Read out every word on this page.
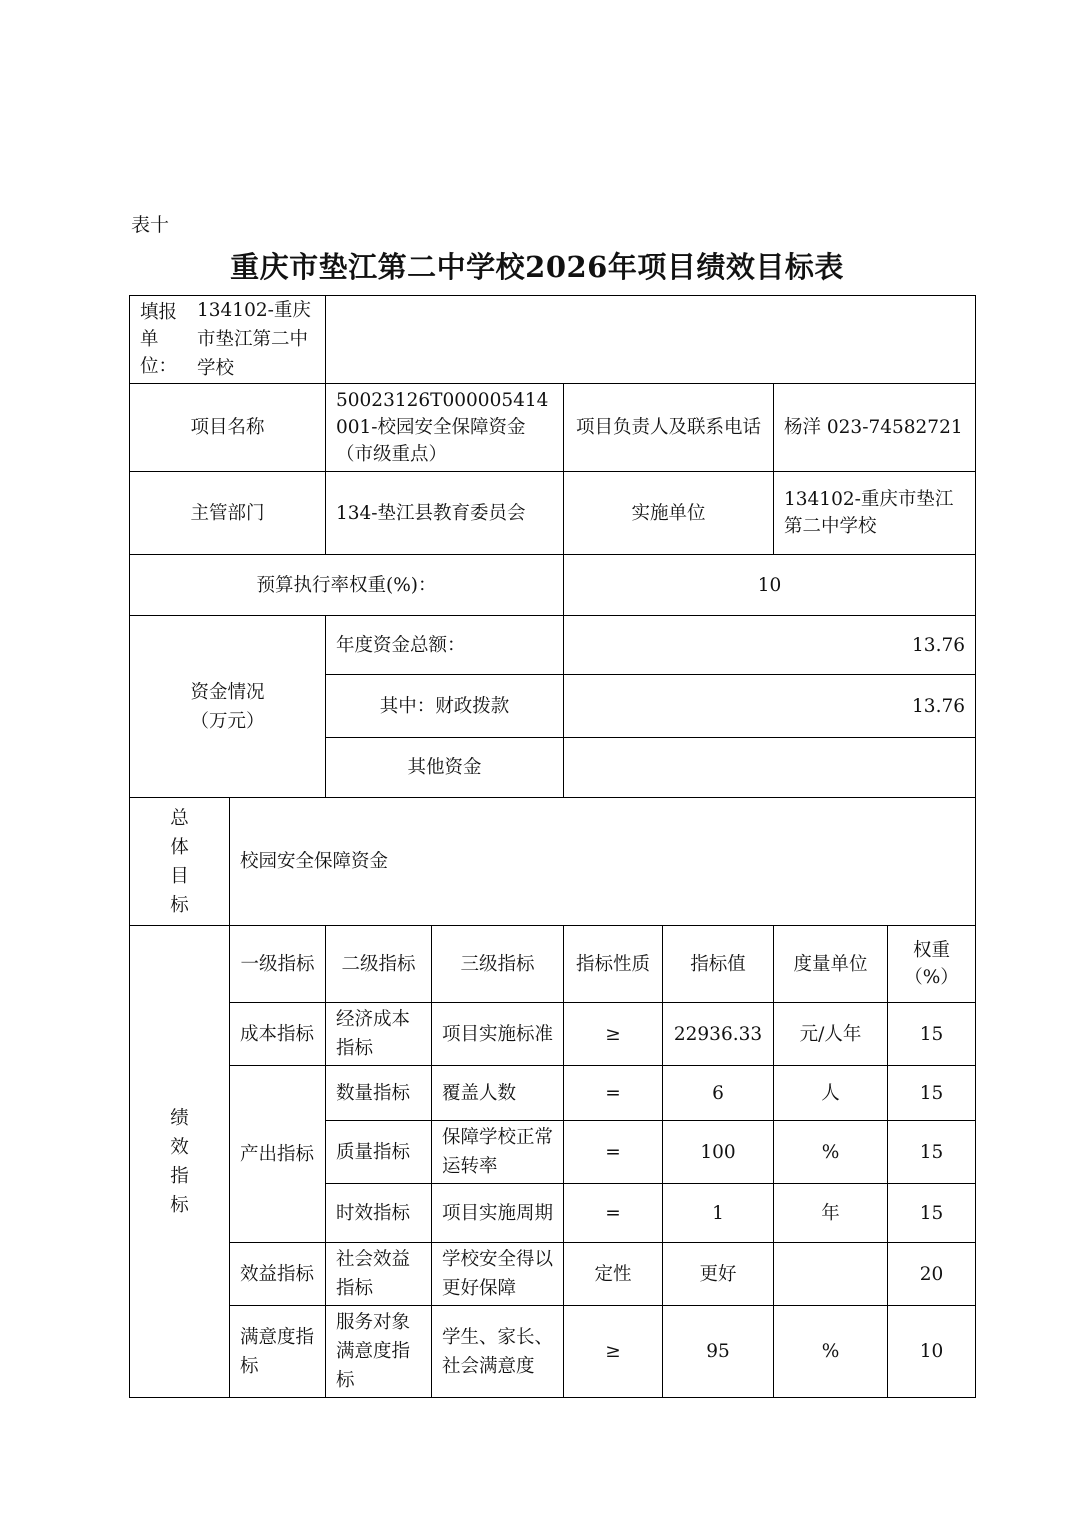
表十
重庆市垫江第二中学校2026年项目绩效目标表
填报单位：
134102-重庆市垫江第二中学校							

项目名称		50023126T000005414001-校园安全保障资金（市级重点）		项目负责人及联系电话		杨洋 023-74582721	
主管部门		134-垫江县教育委员会		实施单位		134102-重庆市垫江第二中学校	
预算执行率权重(%)：				10			
资金情况（万元）		年度资金总额：		13.76			
		其中：财政拨款		13.76			
		其他资金					

总体目标	校园安全保障资金						

绩效指标	一级指标	二级指标	三级指标	指标性质	指标值	度量单位	权重（%）
	成本指标	经济成本指标	项目实施标准	≥	22936.33	元/人年	15
	产出指标	数量指标	覆盖人数	=	6	人	15
		质量指标	保障学校正常运转率	=	100	%	15
		时效指标	项目实施周期	=	1	年	15
	效益指标	社会效益指标	学校安全得以更好保障	定性	更好		20
	满意度指标	服务对象满意度指标	学生、家长、社会满意度	≥	95	%	10
